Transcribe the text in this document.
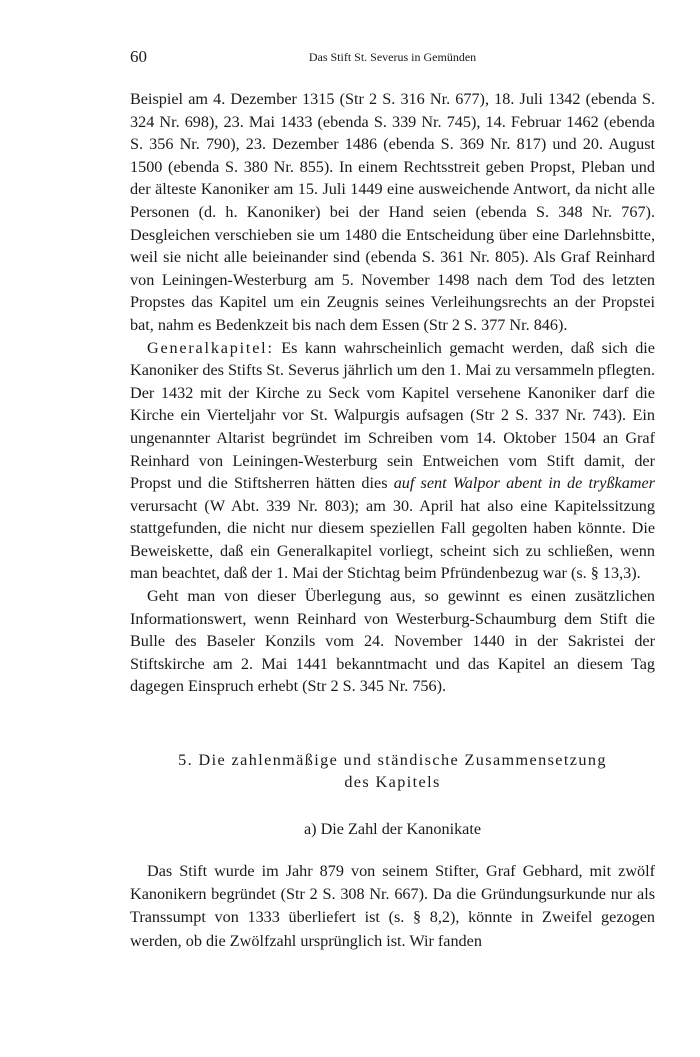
60	Das Stift St. Severus in Gemünden

Beispiel am 4. Dezember 1315 (Str 2 S. 316 Nr. 677), 18. Juli 1342 (ebenda S. 324 Nr. 698), 23. Mai 1433 (ebenda S. 339 Nr. 745), 14. Februar 1462 (ebenda S. 356 Nr. 790), 23. Dezember 1486 (ebenda S. 369 Nr. 817) und 20. August 1500 (ebenda S. 380 Nr. 855). In einem Rechtsstreit geben Propst, Pleban und der älteste Kanoniker am 15. Juli 1449 eine ausweichende Antwort, da nicht alle Personen (d. h. Kanoniker) bei der Hand seien (ebenda S. 348 Nr. 767). Desgleichen verschieben sie um 1480 die Entscheidung über eine Darlehnsbitte, weil sie nicht alle beieinander sind (ebenda S. 361 Nr. 805). Als Graf Reinhard von Leiningen-Westerburg am 5. November 1498 nach dem Tod des letzten Propstes das Kapitel um ein Zeugnis seines Verleihungsrechts an der Propstei bat, nahm es Bedenkzeit bis nach dem Essen (Str 2 S. 377 Nr. 846).

Generalkapitel: Es kann wahrscheinlich gemacht werden, daß sich die Kanoniker des Stifts St. Severus jährlich um den 1. Mai zu versammeln pflegten. Der 1432 mit der Kirche zu Seck vom Kapitel versehene Kanoniker darf die Kirche ein Vierteljahr vor St. Walpurgis aufsagen (Str 2 S. 337 Nr. 743). Ein ungenannter Altarist begründet im Schreiben vom 14. Oktober 1504 an Graf Reinhard von Leiningen-Westerburg sein Entweichen vom Stift damit, der Propst und die Stiftsherren hätten dies auf sent Walpor abent in de tryßkamer verursacht (W Abt. 339 Nr. 803); am 30. April hat also eine Kapitelssitzung stattgefunden, die nicht nur diesem speziellen Fall gegolten haben könnte. Die Beweiskette, daß ein Generalkapitel vorliegt, scheint sich zu schließen, wenn man beachtet, daß der 1. Mai der Stichtag beim Pfründenbezug war (s. § 13,3).

Geht man von dieser Überlegung aus, so gewinnt es einen zusätzlichen Informationswert, wenn Reinhard von Westerburg-Schaumburg dem Stift die Bulle des Baseler Konzils vom 24. November 1440 in der Sakristei der Stiftskirche am 2. Mai 1441 bekanntmacht und das Kapitel an diesem Tag dagegen Einspruch erhebt (Str 2 S. 345 Nr. 756).

5. Die zahlenmäßige und ständische Zusammensetzung
des Kapitels
a) Die Zahl der Kanonikate

Das Stift wurde im Jahr 879 von seinem Stifter, Graf Gebhard, mit zwölf Kanonikern begründet (Str 2 S. 308 Nr. 667). Da die Gründungsurkunde nur als Transsumpt von 1333 überliefert ist (s. § 8,2), könnte in Zweifel gezogen werden, ob die Zwölfzahl ursprünglich ist. Wir fanden
